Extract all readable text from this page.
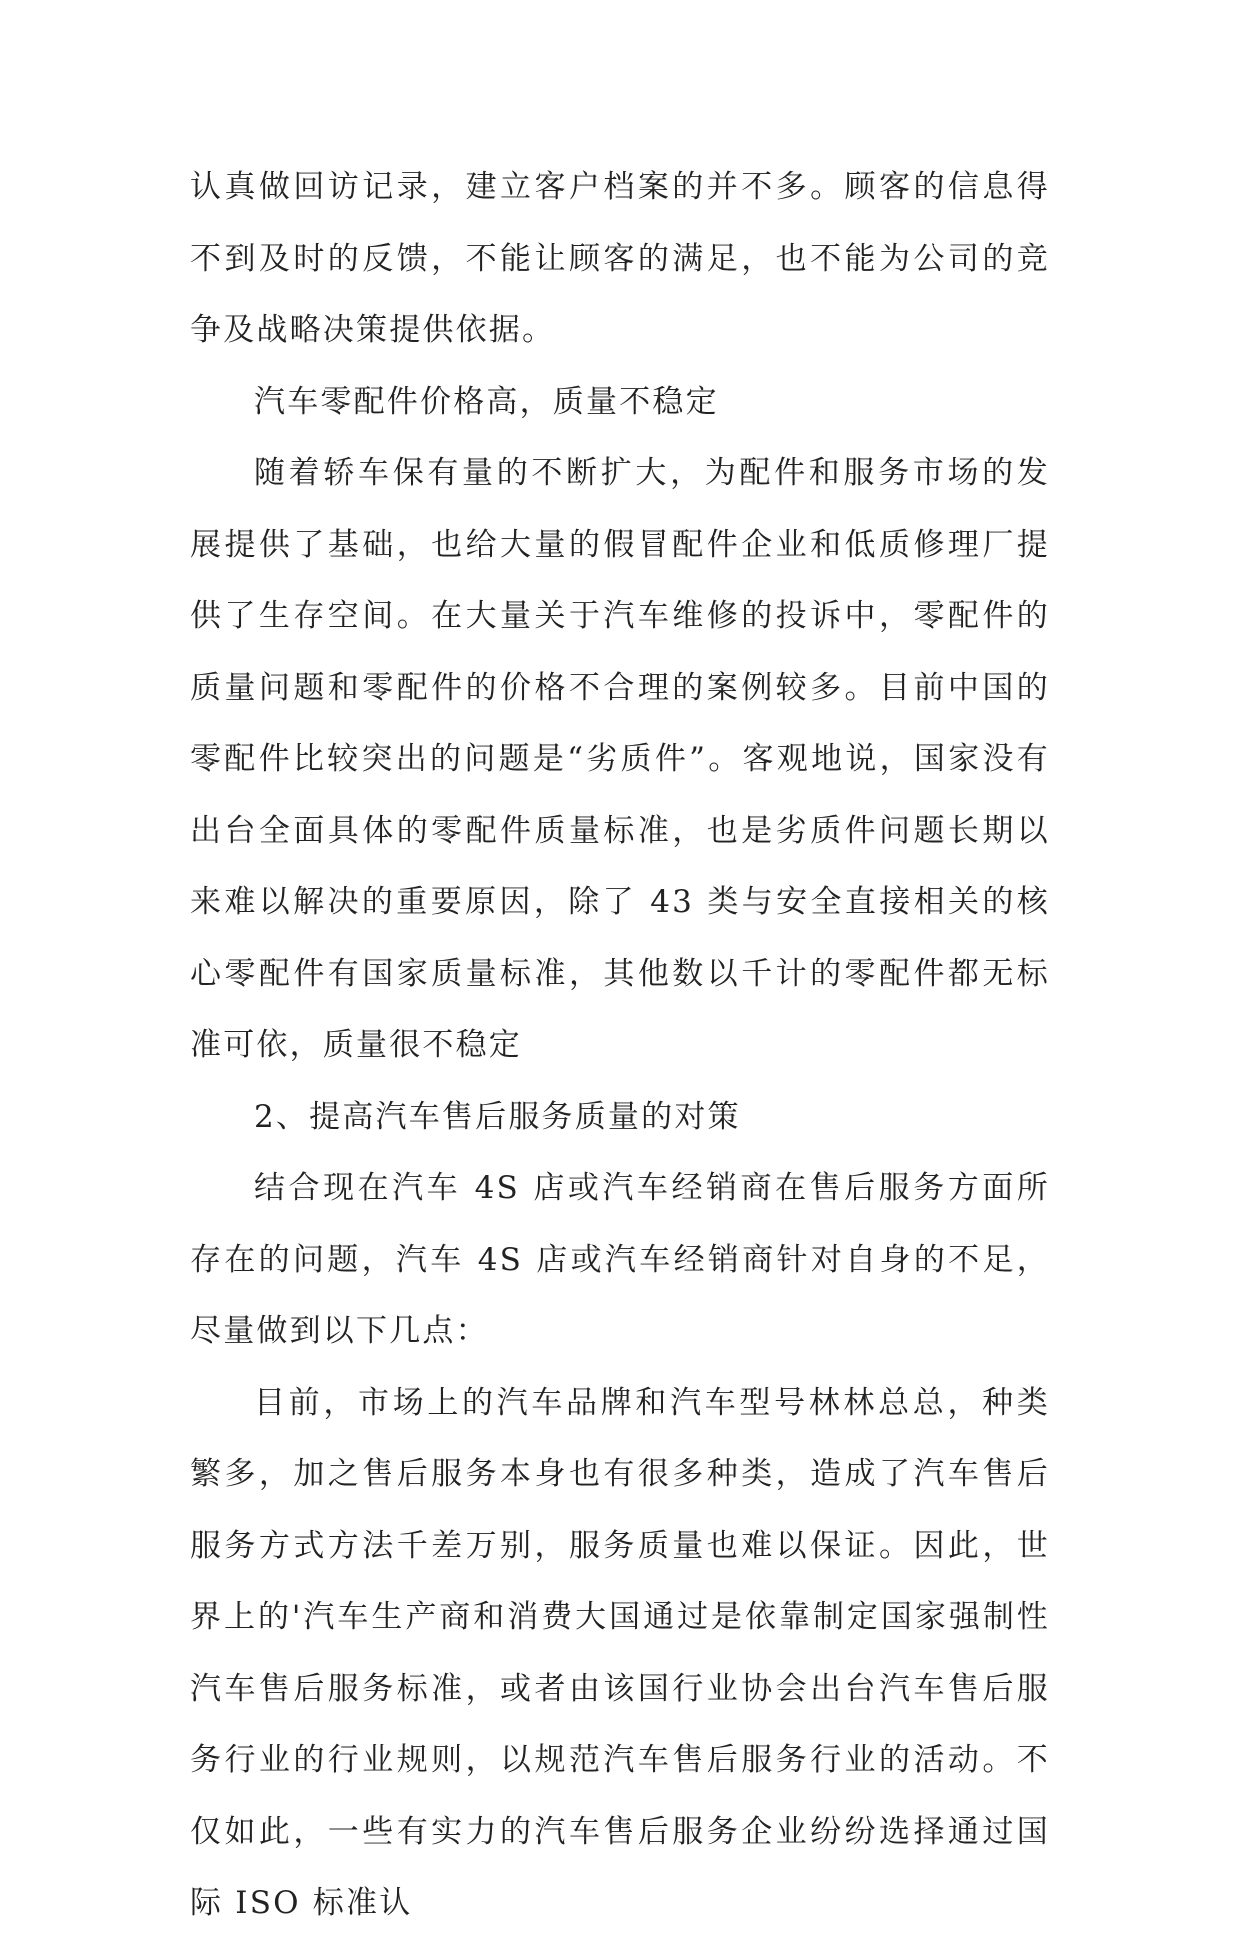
认真做回访记录，建立客户档案的并不多。顾客的信息得不到及时的反馈，不能让顾客的满足，也不能为公司的竞争及战略决策提供依据。

汽车零配件价格高，质量不稳定

随着轿车保有量的不断扩大，为配件和服务市场的发展提供了基础，也给大量的假冒配件企业和低质修理厂提供了生存空间。在大量关于汽车维修的投诉中，零配件的质量问题和零配件的价格不合理的案例较多。目前中国的零配件比较突出的问题是“劣质件”。客观地说，国家没有出台全面具体的零配件质量标准，也是劣质件问题长期以来难以解决的重要原因，除了 43 类与安全直接相关的核心零配件有国家质量标准，其他数以千计的零配件都无标准可依，质量很不稳定

2、提高汽车售后服务质量的对策

结合现在汽车 4S 店或汽车经销商在售后服务方面所存在的问题，汽车 4S 店或汽车经销商针对自身的不足，尽量做到以下几点：

目前，市场上的汽车品牌和汽车型号林林总总，种类繁多，加之售后服务本身也有很多种类，造成了汽车售后服务方式方法千差万别，服务质量也难以保证。因此，世界上的'汽车生产商和消费大国通过是依靠制定国家强制性汽车售后服务标准，或者由该国行业协会出台汽车售后服务行业的行业规则，以规范汽车售后服务行业的活动。不仅如此，一些有实力的汽车售后服务企业纷纷选择通过国际 ISO 标准认
